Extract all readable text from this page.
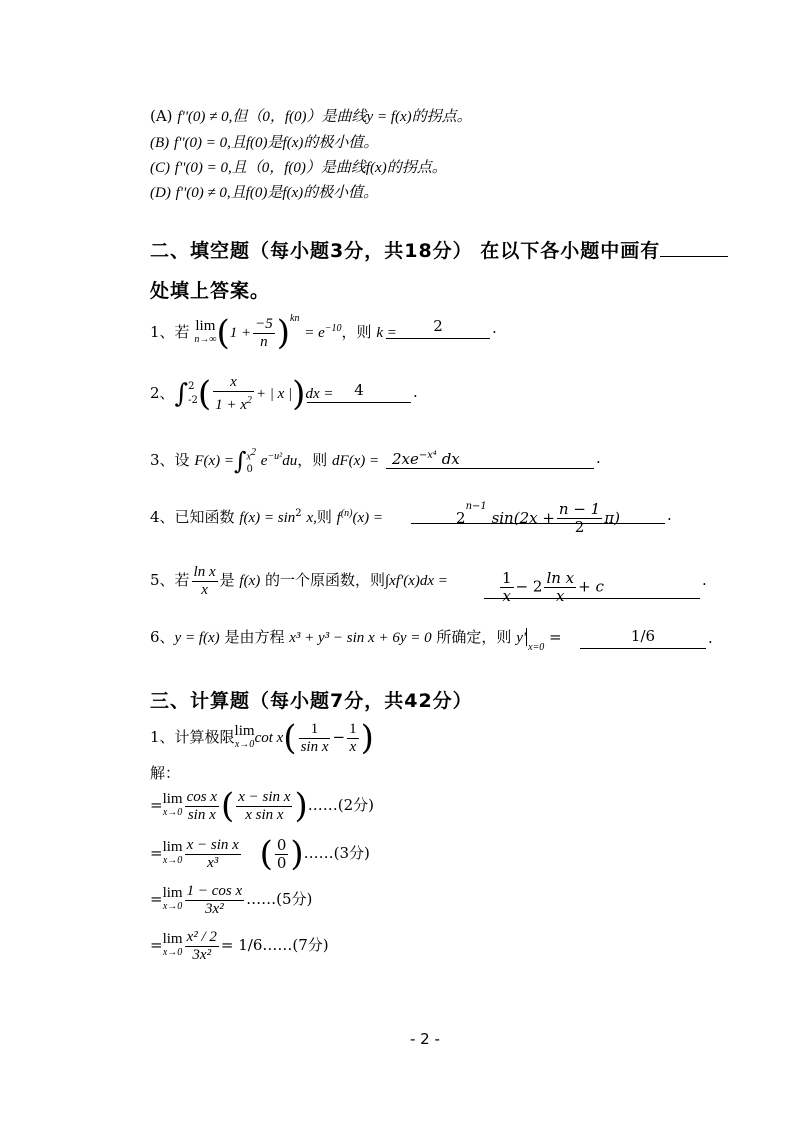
(A) f''(0) ≠ 0,但（0，f(0)）是曲线y = f(x)的拐点。
(B) f''(0) = 0,且f(0)是f(x)的极小值。
(C) f''(0) = 0,且（0，f(0)）是曲线f(x)的拐点。
(D) f''(0) ≠ 0,且f(0)是f(x)的极小值。
二、填空题（每小题3分，共18分） 在以下各小题中画有
处填上答案。
1、若 lim
n→∞ $(1 + \frac{-5}{n} )^{kn} = e^{-10}$，则 k =	2	.
2、∫ 2
-2 ( $\frac{x}{1 + x^2}$ + | x |)dx =	4	.
3、设 F(x) =∫ $x^2$
0
$e^{-u^2}du$，则 $dF(x) = 2xe^{-x^4}$ dx	.
4、已知函数 $f(x) = \sin^2 x$,则 $f^{(n)}(x)$ =	$2^{n-1}$ $\sin(2x + \frac{n - 1}{2} \pi)$	.
5、若 $\frac{\text{ln x}}{x}$ 是 f(x) 的一个原函数，则∫xf'(x)dx =	$\frac{1}{x} - 2 \frac{\text{ln x}}{x} + c$	.
6、y = f(x) 是由方程 x³ + y³ − sin x + 6y = 0 所确定，则 $y'_{x=0}$ =	1/6	.
三、计算题（每小题7分，共42分）
1、计算极限 lim
x→0 $\cot x( \frac{1}{\text{sin x}} - \frac{1}{x}$ )
解：
= lim
$x\to 0 \frac{\text{cos x}}{\text{sin x}}$ ( $\frac{\text{x − sin x}}{\text{x sin x}}$ )……(2分)
= lim
$x\to 0 \frac{\text{x − sin x}}{\text{x³}}$ ( $\frac{0}{0}$ )……(3分)
= lim
$x\to 0 \frac{\text{1 − cos x}}{\text{3x²}}$ ……(5分)
= lim
$x\to 0 \frac{\text{x² / 2}}{\text{3x²}}$ = 1/6……(7分)
- 2 -
